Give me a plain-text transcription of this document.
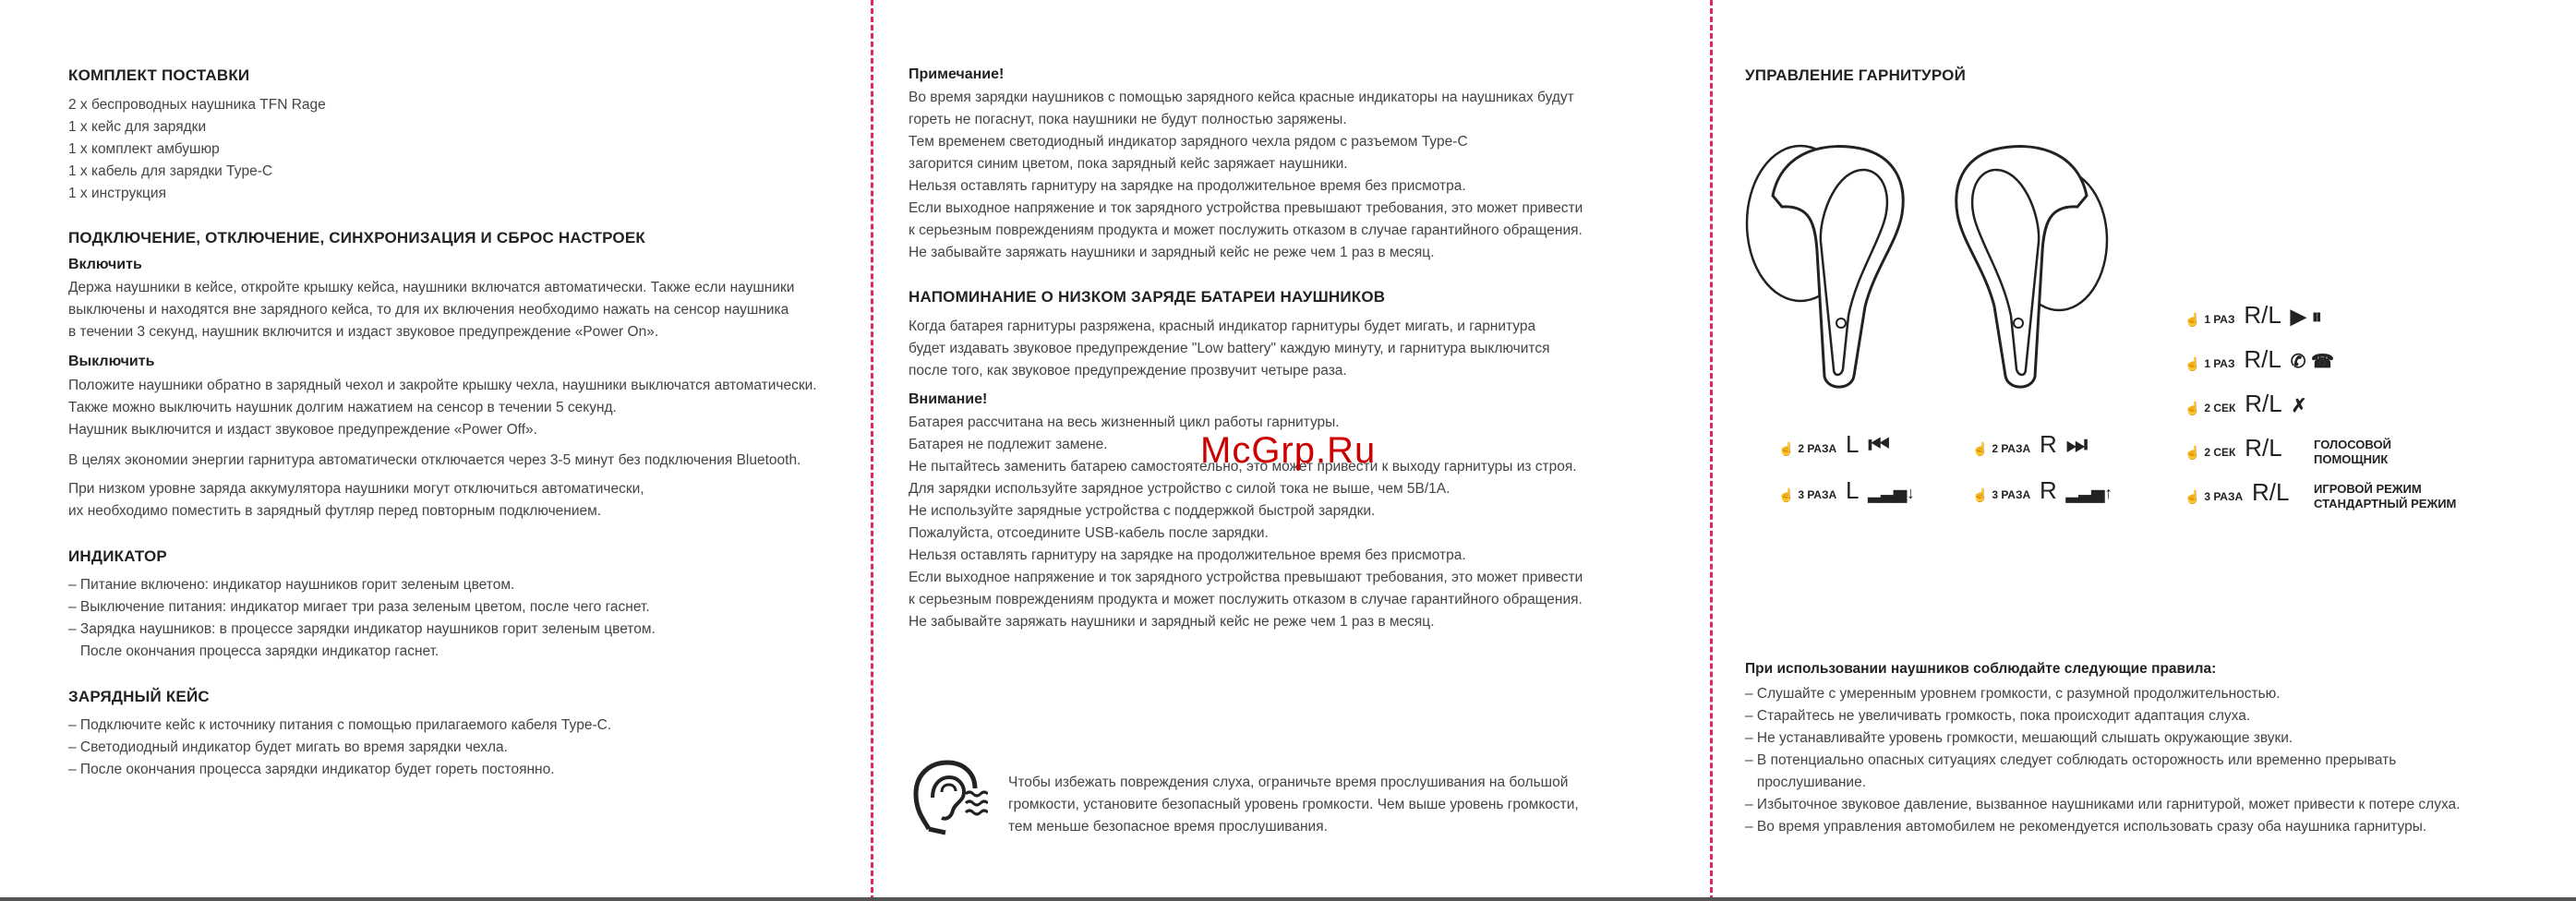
КОМПЛЕКТ ПОСТАВКИ

2 х беспроводных наушника TFN Rage

1 х кейс для зарядки

1 х комплект амбушюр

1 х кабель для зарядки Type-C

1 х инструкция

ПОДКЛЮЧЕНИЕ, ОТКЛЮЧЕНИЕ, СИНХРОНИЗАЦИЯ И СБРОС НАСТРОЕК

Включить

Держа наушники в кейсе, откройте крышку кейса, наушники включатся автоматически. Также если наушники

выключены и находятся вне зарядного кейса, то для их включения необходимо нажать на сенсор наушника

в течении 3 секунд, наушник включится и издаст звуковое предупреждение «Power On».

Выключить

Положите наушники обратно в зарядный чехол и закройте крышку чехла, наушники выключатся автоматически.

Также можно выключить наушник долгим нажатием на сенсор в течении 5 секунд.

Наушник выключится и издаст звуковое предупреждение «Power Off».

В целях экономии энергии гарнитура автоматически отключается через 3-5 минут без подключения Bluetooth.

При низком уровне заряда аккумулятора наушники могут отключиться автоматически,

их необходимо поместить в зарядный футляр перед повторным подключением.

ИНДИКАТОР

– Питание включено: индикатор наушников горит зеленым цветом.

– Выключение питания: индикатор мигает три раза зеленым цветом, после чего гаснет.

– Зарядка наушников: в процессе зарядки индикатор наушников горит зеленым цветом.

После окончания процесса зарядки индикатор гаснет.

ЗАРЯДНЫЙ КЕЙС

– Подключите кейс к источнику питания с помощью прилагаемого кабеля Type-C.

– Светодиодный индикатор будет мигать во время зарядки чехла.

– После окончания процесса зарядки индикатор будет гореть постоянно.

Примечание!

Во время зарядки наушников с помощью зарядного кейса красные индикаторы на наушниках будут

гореть не погаснут, пока наушники не будут полностью заряжены.

Тем временем светодиодный индикатор зарядного чехла рядом с разъемом Type-C

загорится синим цветом, пока зарядный кейс заряжает наушники.

Нельзя оставлять гарнитуру на зарядке на продолжительное время без присмотра.

Если выходное напряжение и ток зарядного устройства превышают требования, это может привести

к серьезным повреждениям продукта и может послужить отказом в случае гарантийного обращения.

Не забывайте заряжать наушники и зарядный кейс не реже чем 1 раз в месяц.

НАПОМИНАНИЕ О НИЗКОМ ЗАРЯДЕ БАТАРЕИ НАУШНИКОВ

Когда батарея гарнитуры разряжена, красный индикатор гарнитуры будет мигать, и гарнитура

будет издавать звуковое предупреждение "Low battery" каждую минуту, и гарнитура выключится

после того, как звуковое предупреждение прозвучит четыре раза.

Внимание!

Батарея рассчитана на весь жизненный цикл работы гарнитуры.

Батарея не подлежит замене.

Не пытайтесь заменить батарею самостоятельно, это может привести к выходу гарнитуры из строя.

Для зарядки используйте зарядное устройство с силой тока не выше, чем 5В/1А.

Не используйте зарядные устройства с поддержкой быстрой зарядки.

Пожалуйста, отсоедините USB-кабель после зарядки.

Нельзя оставлять гарнитуру на зарядке на продолжительное время без присмотра.

Если выходное напряжение и ток зарядного устройства превышают требования, это может привести

к серьезным повреждениям продукта и может послужить отказом в случае гарантийного обращения.

Не забывайте заряжать наушники и зарядный кейс не реже чем 1 раз в месяц.

Чтобы избежать повреждения слуха, ограничьте время прослушивания на большой

громкости, установите безопасный уровень громкости. Чем выше уровень громкости,

тем меньше безопасное время прослушивания.

McGrp.Ru

УПРАВЛЕНИЕ ГАРНИТУРОЙ

☝ 2 РАЗА L ⏮
☝ 3 РАЗА L ▂▃▅↓
☝ 2 РАЗА R ⏭
☝ 3 РАЗА R ▂▃▅↑
☝ 1 РАЗ R/L ▶ ⏸
☝ 1 РАЗ R/L ✆ ☎
☝ 2 СЕК R/L ✗
☝ 2 СЕК R/L	ГОЛОСОВОЙ
ПОМОЩНИК
☝ 3 РАЗА R/L ИГРОВОЙ РЕЖИМ
СТАНДАРТНЫЙ РЕЖИМ

При использовании наушников соблюдайте следующие правила:

– Слушайте с умеренным уровнем громкости, с разумной продолжительностью.

– Старайтесь не увеличивать громкость, пока происходит адаптация слуха.

– Не устанавливайте уровень громкости, мешающий слышать окружающие звуки.

– В потенциально опасных ситуациях следует соблюдать осторожность или временно прерывать

прослушивание.

– Избыточное звуковое давление, вызванное наушниками или гарнитурой, может привести к потере слуха.

– Во время управления автомобилем не рекомендуется использовать сразу оба наушника гарнитуры.
